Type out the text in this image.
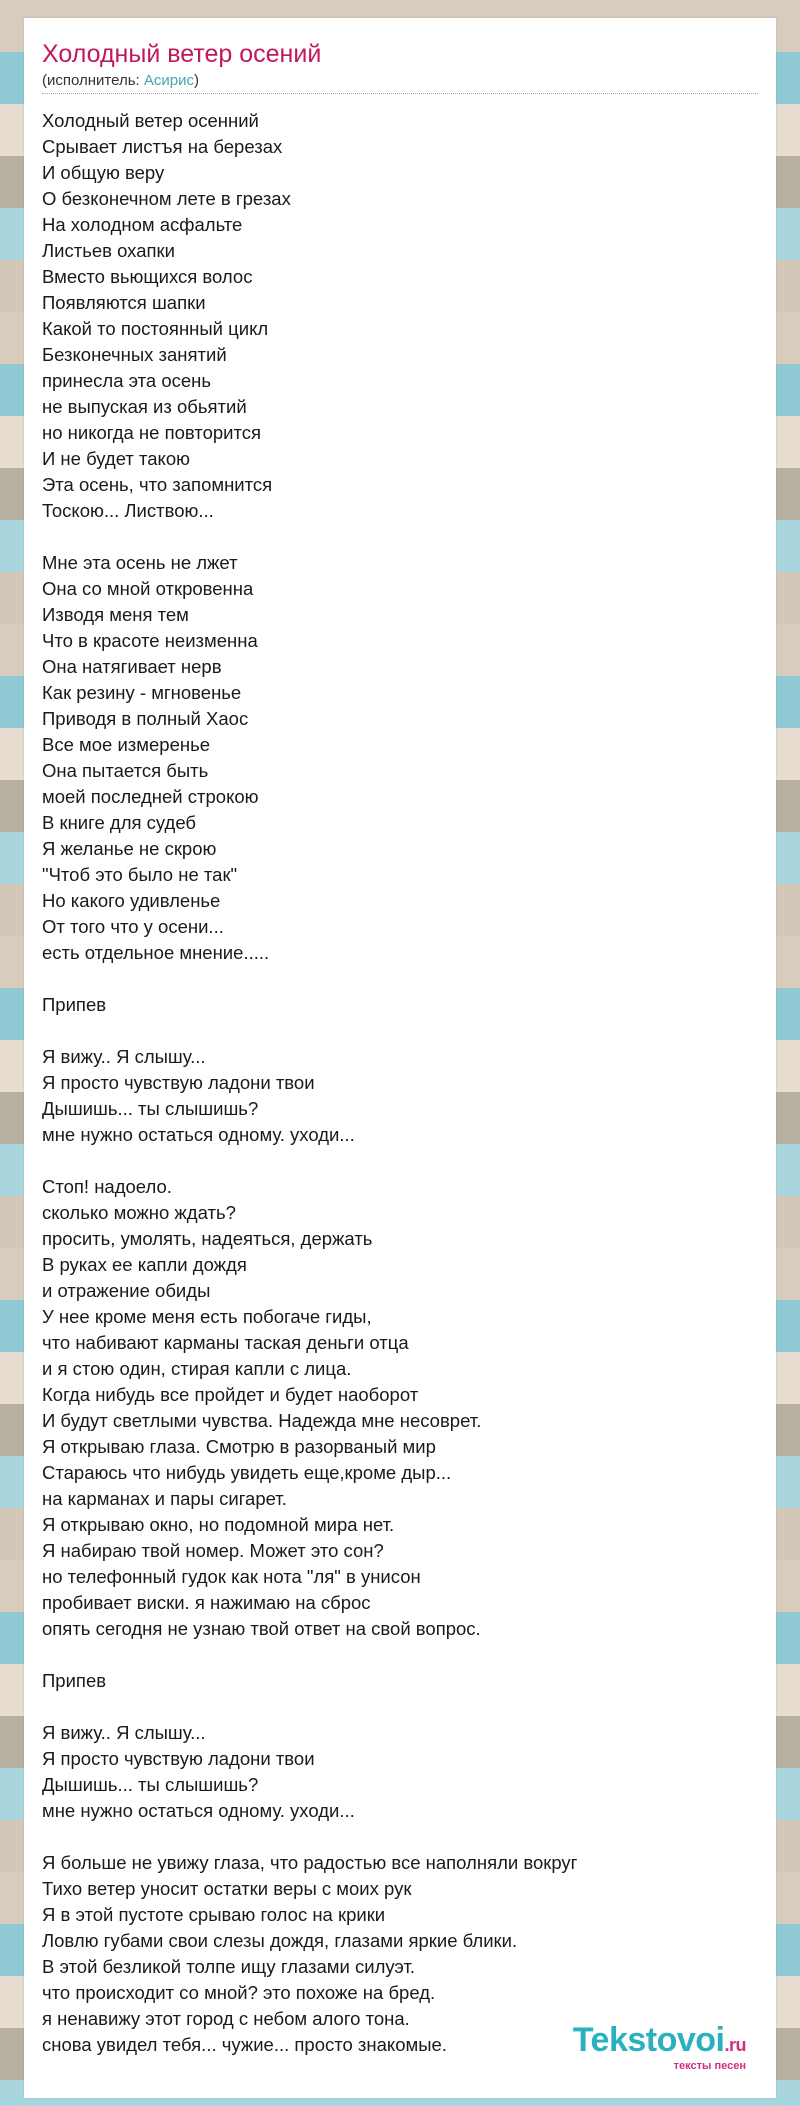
Холодный ветер осений
(исполнитель: Асирис)
Холодный ветер осенний
Срывает листъя на березах
И общую веру
О безконечном лете в грезах
На холодном асфальте
Листьев охапки
Вместо вьющихся волос
Появляются шапки
Какой то постоянный цикл
Безконечных занятий
принесла эта осень
не выпуская из обьятий
но никогда не повторится
И не будет такою
Эта осень, что запомнится
Тоскою... Листвою...
Мне эта осень не лжет
Она со мной откровенна
Изводя меня тем
Что в красоте неизменна
Она натягивает нерв
Как резину - мгновенье
Приводя в полный Хаос
Все мое измеренье
Она пытается быть
моей последней строкою
В книге для судеб
Я желанье не скрою
"Чтоб это было не так"
Но какого удивленье
От того что у осени...
есть отдельное мнение.....
Припев
Я вижу.. Я слышу...
Я просто чувствую ладони твои
Дышишь... ты слышишь?
мне нужно остаться одному. уходи...
Стоп! надоело.
сколько можно ждать?
просить, умолять, надеяться, держать
В руках ее капли дождя
и отражение обиды
У нее кроме меня есть побогаче гиды,
что набивают карманы таская деньги отца
и я стою один, стирая капли с лица.
Когда нибудь все пройдет и будет наоборот
И будут светлыми чувства. Надежда мне несоврет.
Я открываю глаза. Смотрю в разорваный мир
Стараюсь что нибудь увидеть еще,кроме дыр...
на карманах и пары сигарет.
Я открываю окно, но подомной мира нет.
Я набираю твой номер. Может это сон?
но телефонный гудок как нота "ля" в унисон
пробивает виски. я нажимаю на сброс
опять сегодня не узнаю твой ответ на свой вопрос.
Припев
Я вижу.. Я слышу...
Я просто чувствую ладони твои
Дышишь... ты слышишь?
мне нужно остаться одному. уходи...
Я больше не увижу глаза, что радостью все наполняли вокруг
Тихо ветер уносит остатки веры с моих рук
Я в этой пустоте срываю голос на крики
Ловлю губами свои слезы дождя, глазами яркие блики.
В этой безликой толпе ищу глазами силуэт.
что происходит со мной? это похоже на бред.
я ненавижу этот город с небом алого тона.
снова увидел тебя... чужие... просто знакомые.	Tekstovoi.ru
тексты песен
